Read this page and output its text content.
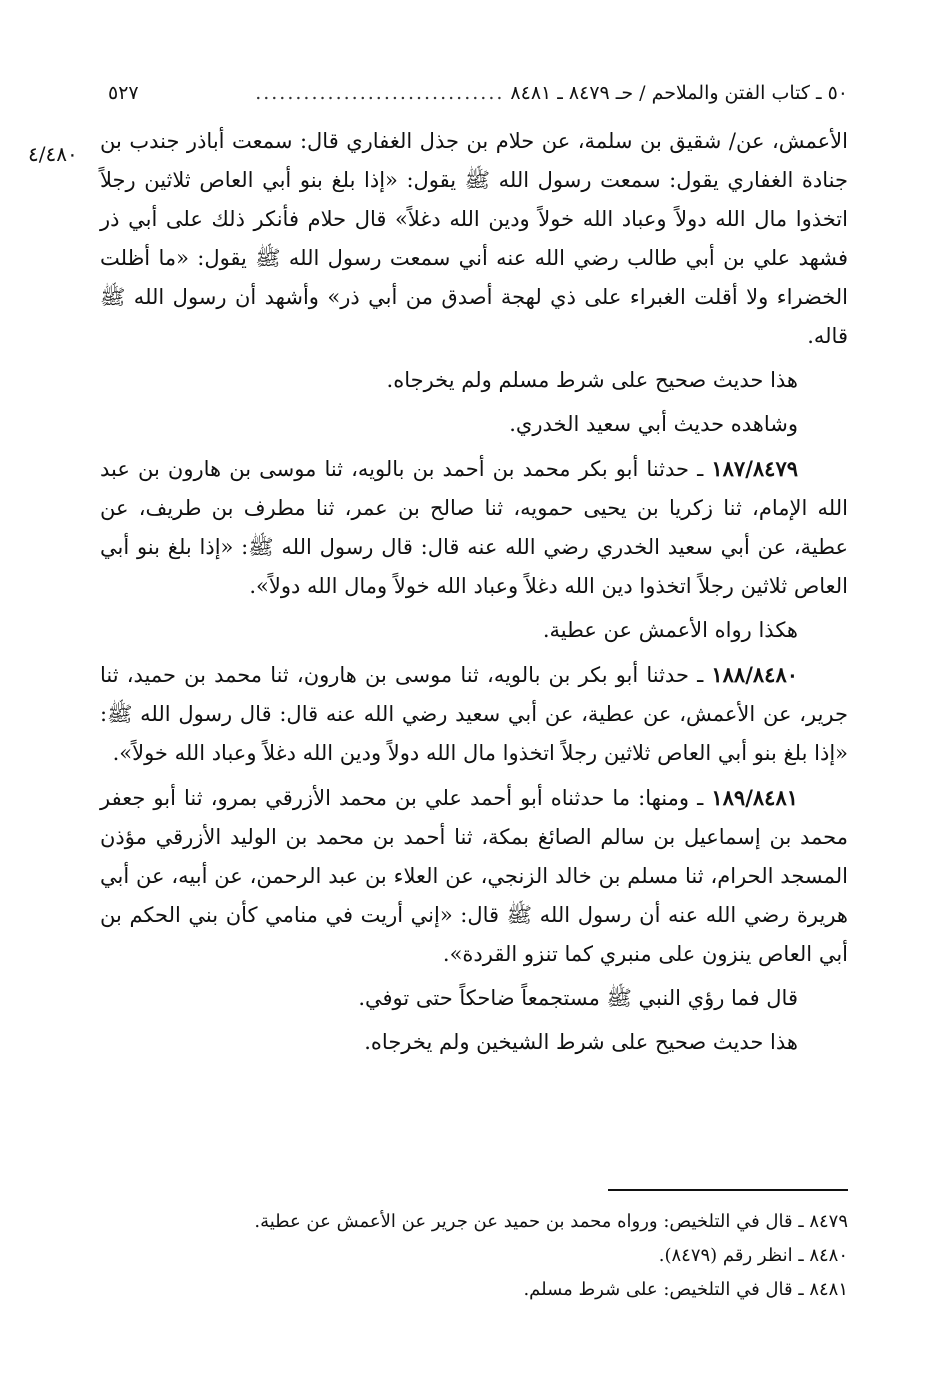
٥٠ ـ كتاب الفتن والملاحم / حـ ٨٤٧٩ ـ ٨٤٨١
...............................
٥٢٧
٤/٤٨٠

الأعمش، عن/ شقيق بن سلمة، عن حلام بن جذل الغفاري قال: سمعت أباذر جندب بن جنادة الغفاري يقول: سمعت رسول الله ﷺ يقول: «إذا بلغ بنو أبي العاص ثلاثين رجلاً اتخذوا مال الله دولاً وعباد الله خولاً ودين الله دغلاً» قال حلام فأنكر ذلك على أبي ذر فشهد علي بن أبي طالب رضي الله عنه أني سمعت رسول الله ﷺ يقول: «ما أظلت الخضراء ولا أقلت الغبراء على ذي لهجة أصدق من أبي ذر» وأشهد أن رسول الله ﷺ قاله.

هذا حديث صحيح على شرط مسلم ولم يخرجاه.

وشاهده حديث أبي سعيد الخدري.

١٨٧/٨٤٧٩ ـ حدثنا أبو بكر محمد بن أحمد بن بالويه، ثنا موسى بن هارون بن عبد الله الإمام، ثنا زكريا بن يحيى حمويه، ثنا صالح بن عمر، ثنا مطرف بن طريف، عن عطية، عن أبي سعيد الخدري رضي الله عنه قال: قال رسول الله ﷺ: «إذا بلغ بنو أبي العاص ثلاثين رجلاً اتخذوا دين الله دغلاً وعباد الله خولاً ومال الله دولاً».

هكذا رواه الأعمش عن عطية.

١٨٨/٨٤٨٠ ـ حدثنا أبو بكر بن بالويه، ثنا موسى بن هارون، ثنا محمد بن حميد، ثنا جرير، عن الأعمش، عن عطية، عن أبي سعيد رضي الله عنه قال: قال رسول الله ﷺ: «إذا بلغ بنو أبي العاص ثلاثين رجلاً اتخذوا مال الله دولاً ودين الله دغلاً وعباد الله خولاً».

١٨٩/٨٤٨١ ـ ومنها: ما حدثناه أبو أحمد علي بن محمد الأزرقي بمرو، ثنا أبو جعفر محمد بن إسماعيل بن سالم الصائغ بمكة، ثنا أحمد بن محمد بن الوليد الأزرقي مؤذن المسجد الحرام، ثنا مسلم بن خالد الزنجي، عن العلاء بن عبد الرحمن، عن أبيه، عن أبي هريرة رضي الله عنه أن رسول الله ﷺ قال: «إني أريت في منامي كأن بني الحكم بن أبي العاص ينزون على منبري كما تنزو القردة».

قال فما رؤي النبي ﷺ مستجمعاً ضاحكاً حتى توفي.

هذا حديث صحيح على شرط الشيخين ولم يخرجاه.

٨٤٧٩ ـ قال في التلخيص: ورواه محمد بن حميد عن جرير عن الأعمش عن عطية.

٨٤٨٠ ـ انظر رقم (٨٤٧٩).

٨٤٨١ ـ قال في التلخيص: على شرط مسلم.
